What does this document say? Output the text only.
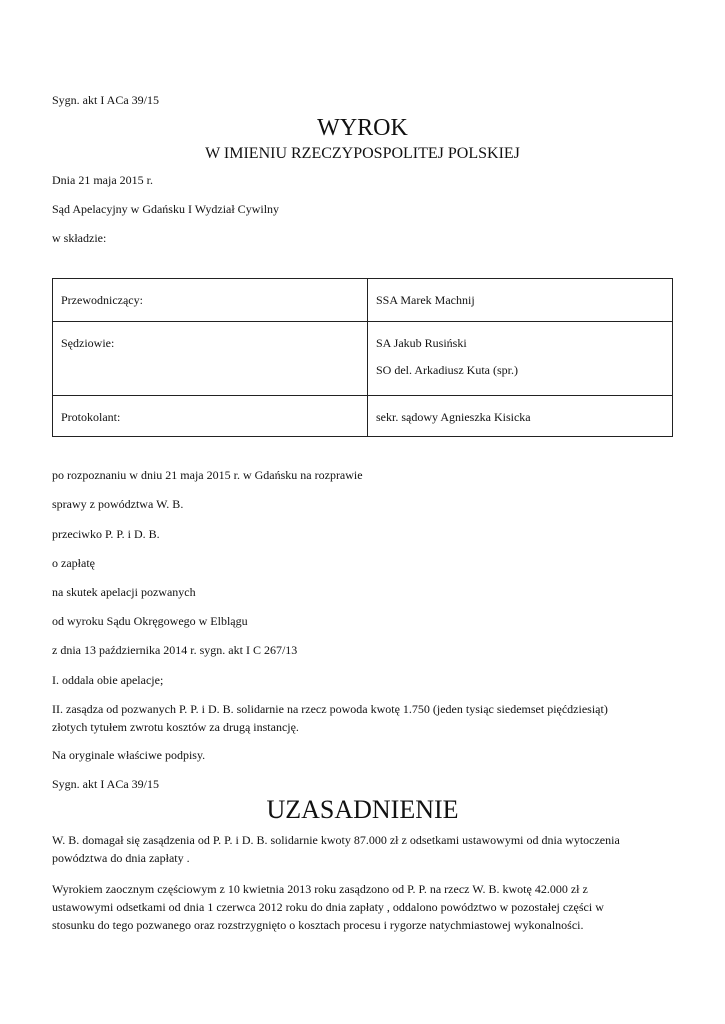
Sygn. akt I ACa 39/15
WYROK
W IMIENIU RZECZYPOSPOLITEJ POLSKIEJ
Dnia 21 maja 2015 r.
Sąd Apelacyjny w Gdańsku I Wydział Cywilny
w składzie:
Przewodniczący:	SSA Marek Machnij
Sędziowie:	SA Jakub Rusiński
SO del. Arkadiusz Kuta (spr.)

Protokolant:	sekr. sądowy Agnieszka Kisicka
po rozpoznaniu w dniu 21 maja 2015 r. w Gdańsku na rozprawie
sprawy z powództwa W. B.
przeciwko P. P. i D. B.
o zapłatę
na skutek apelacji pozwanych
od wyroku Sądu Okręgowego w Elblągu
z dnia 13 października 2014 r. sygn. akt I C 267/13
I. oddala obie apelacje;
II. zasądza od pozwanych P. P. i D. B. solidarnie na rzecz powoda kwotę 1.750 (jeden tysiąc siedemset pięćdziesiąt)
złotych tytułem zwrotu kosztów za drugą instancję.
Na oryginale właściwe podpisy.
Sygn. akt I ACa 39/15
UZASADNIENIE
W. B. domagał się zasądzenia od P. P. i D. B. solidarnie kwoty 87.000 zł z odsetkami ustawowymi od dnia wytoczenia
powództwa do dnia zapłaty .
Wyrokiem zaocznym częściowym z 10 kwietnia 2013 roku zasądzono od P. P. na rzecz W. B. kwotę 42.000 zł z
ustawowymi odsetkami od dnia 1 czerwca 2012 roku do dnia zapłaty , oddalono powództwo w pozostałej części w
stosunku do tego pozwanego oraz rozstrzygnięto o kosztach procesu i rygorze natychmiastowej wykonalności.
